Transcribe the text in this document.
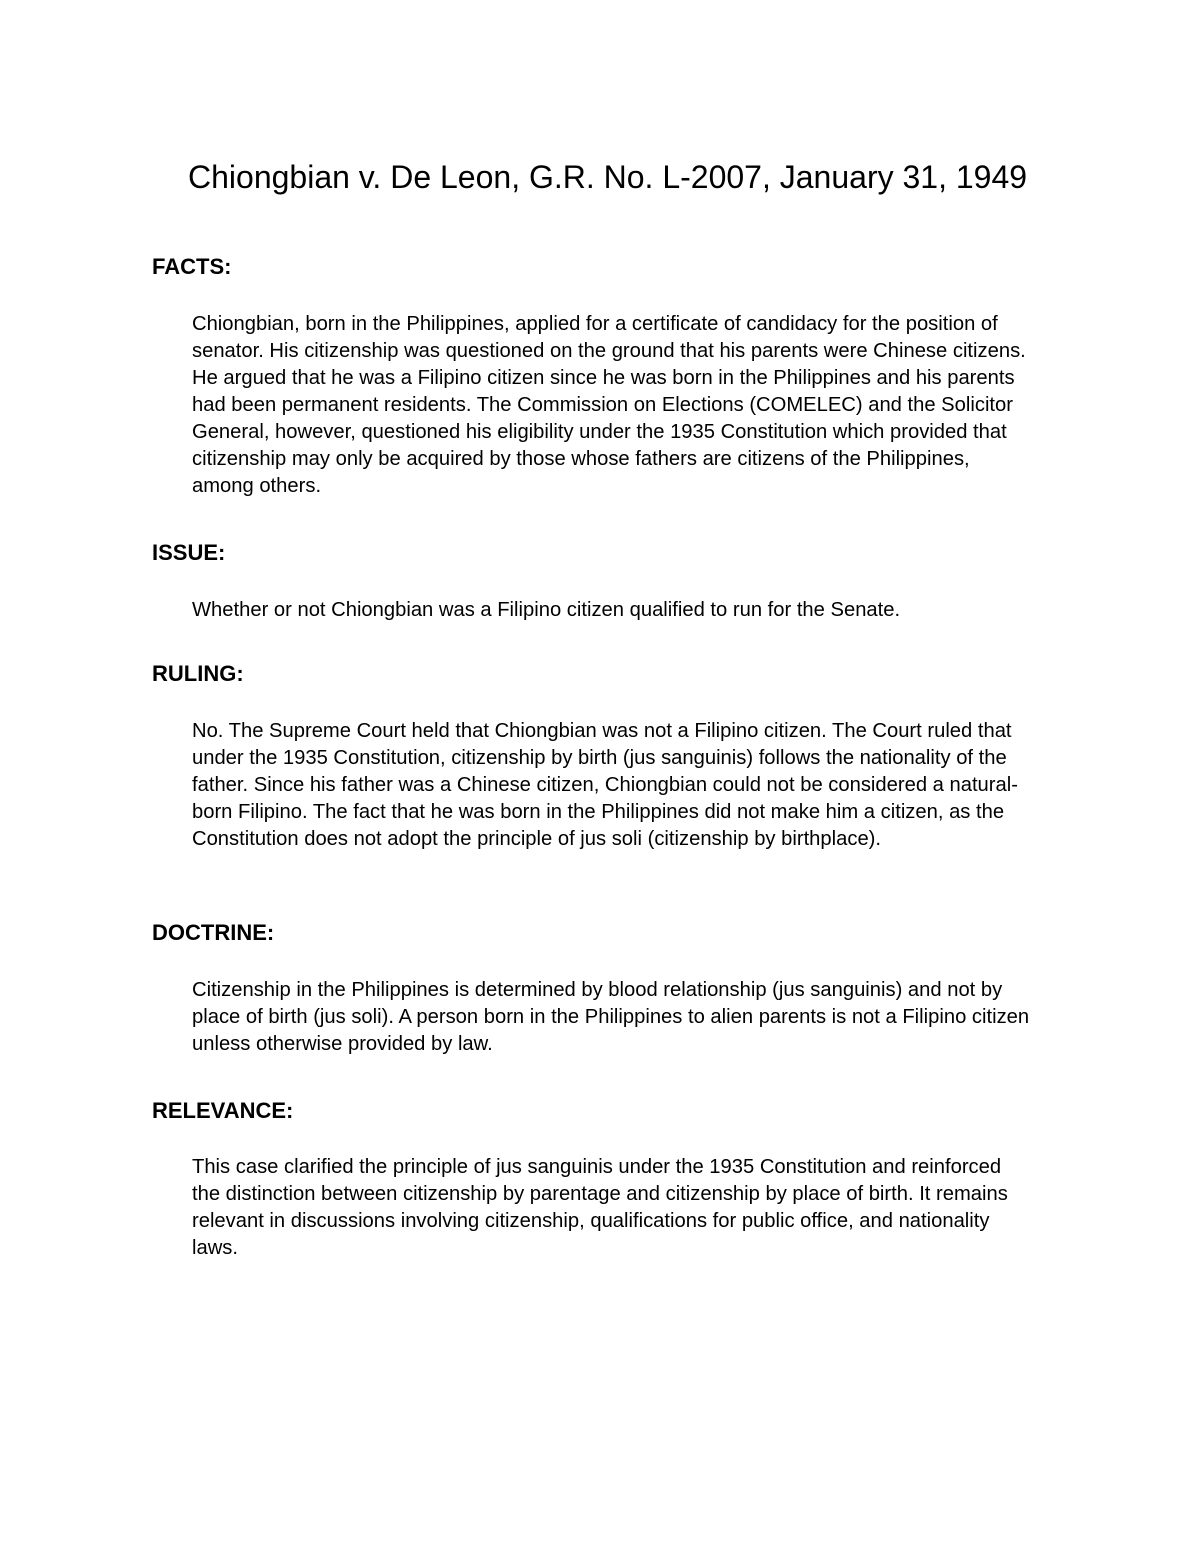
Chiongbian v. De Leon, G.R. No. L-2007, January 31, 1949
FACTS:

Chiongbian, born in the Philippines, applied for a certificate of candidacy for the position of senator. His citizenship was questioned on the ground that his parents were Chinese citizens. He argued that he was a Filipino citizen since he was born in the Philippines and his parents had been permanent residents. The Commission on Elections (COMELEC) and the Solicitor General, however, questioned his eligibility under the 1935 Constitution which provided that citizenship may only be acquired by those whose fathers are citizens of the Philippines, among others.

ISSUE:

Whether or not Chiongbian was a Filipino citizen qualified to run for the Senate.

RULING:

No. The Supreme Court held that Chiongbian was not a Filipino citizen. The Court ruled that under the 1935 Constitution, citizenship by birth (jus sanguinis) follows the nationality of the father. Since his father was a Chinese citizen, Chiongbian could not be considered a natural-born Filipino. The fact that he was born in the Philippines did not make him a citizen, as the Constitution does not adopt the principle of jus soli (citizenship by birthplace).

DOCTRINE:

Citizenship in the Philippines is determined by blood relationship (jus sanguinis) and not by place of birth (jus soli). A person born in the Philippines to alien parents is not a Filipino citizen unless otherwise provided by law.

RELEVANCE:

This case clarified the principle of jus sanguinis under the 1935 Constitution and reinforced the distinction between citizenship by parentage and citizenship by place of birth. It remains relevant in discussions involving citizenship, qualifications for public office, and nationality laws.
